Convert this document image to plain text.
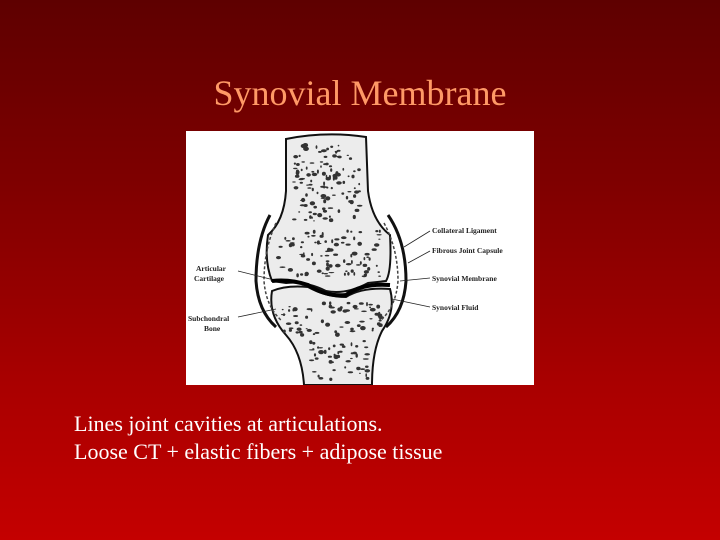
Synovial Membrane
Collateral Ligament
Fibrous Joint Capsule
Synovial Membrane
Synovial Fluid
Articular
Cartilage
Subchondral
Bone
Lines joint cavities at articulations.
Loose CT + elastic fibers + adipose tissue
